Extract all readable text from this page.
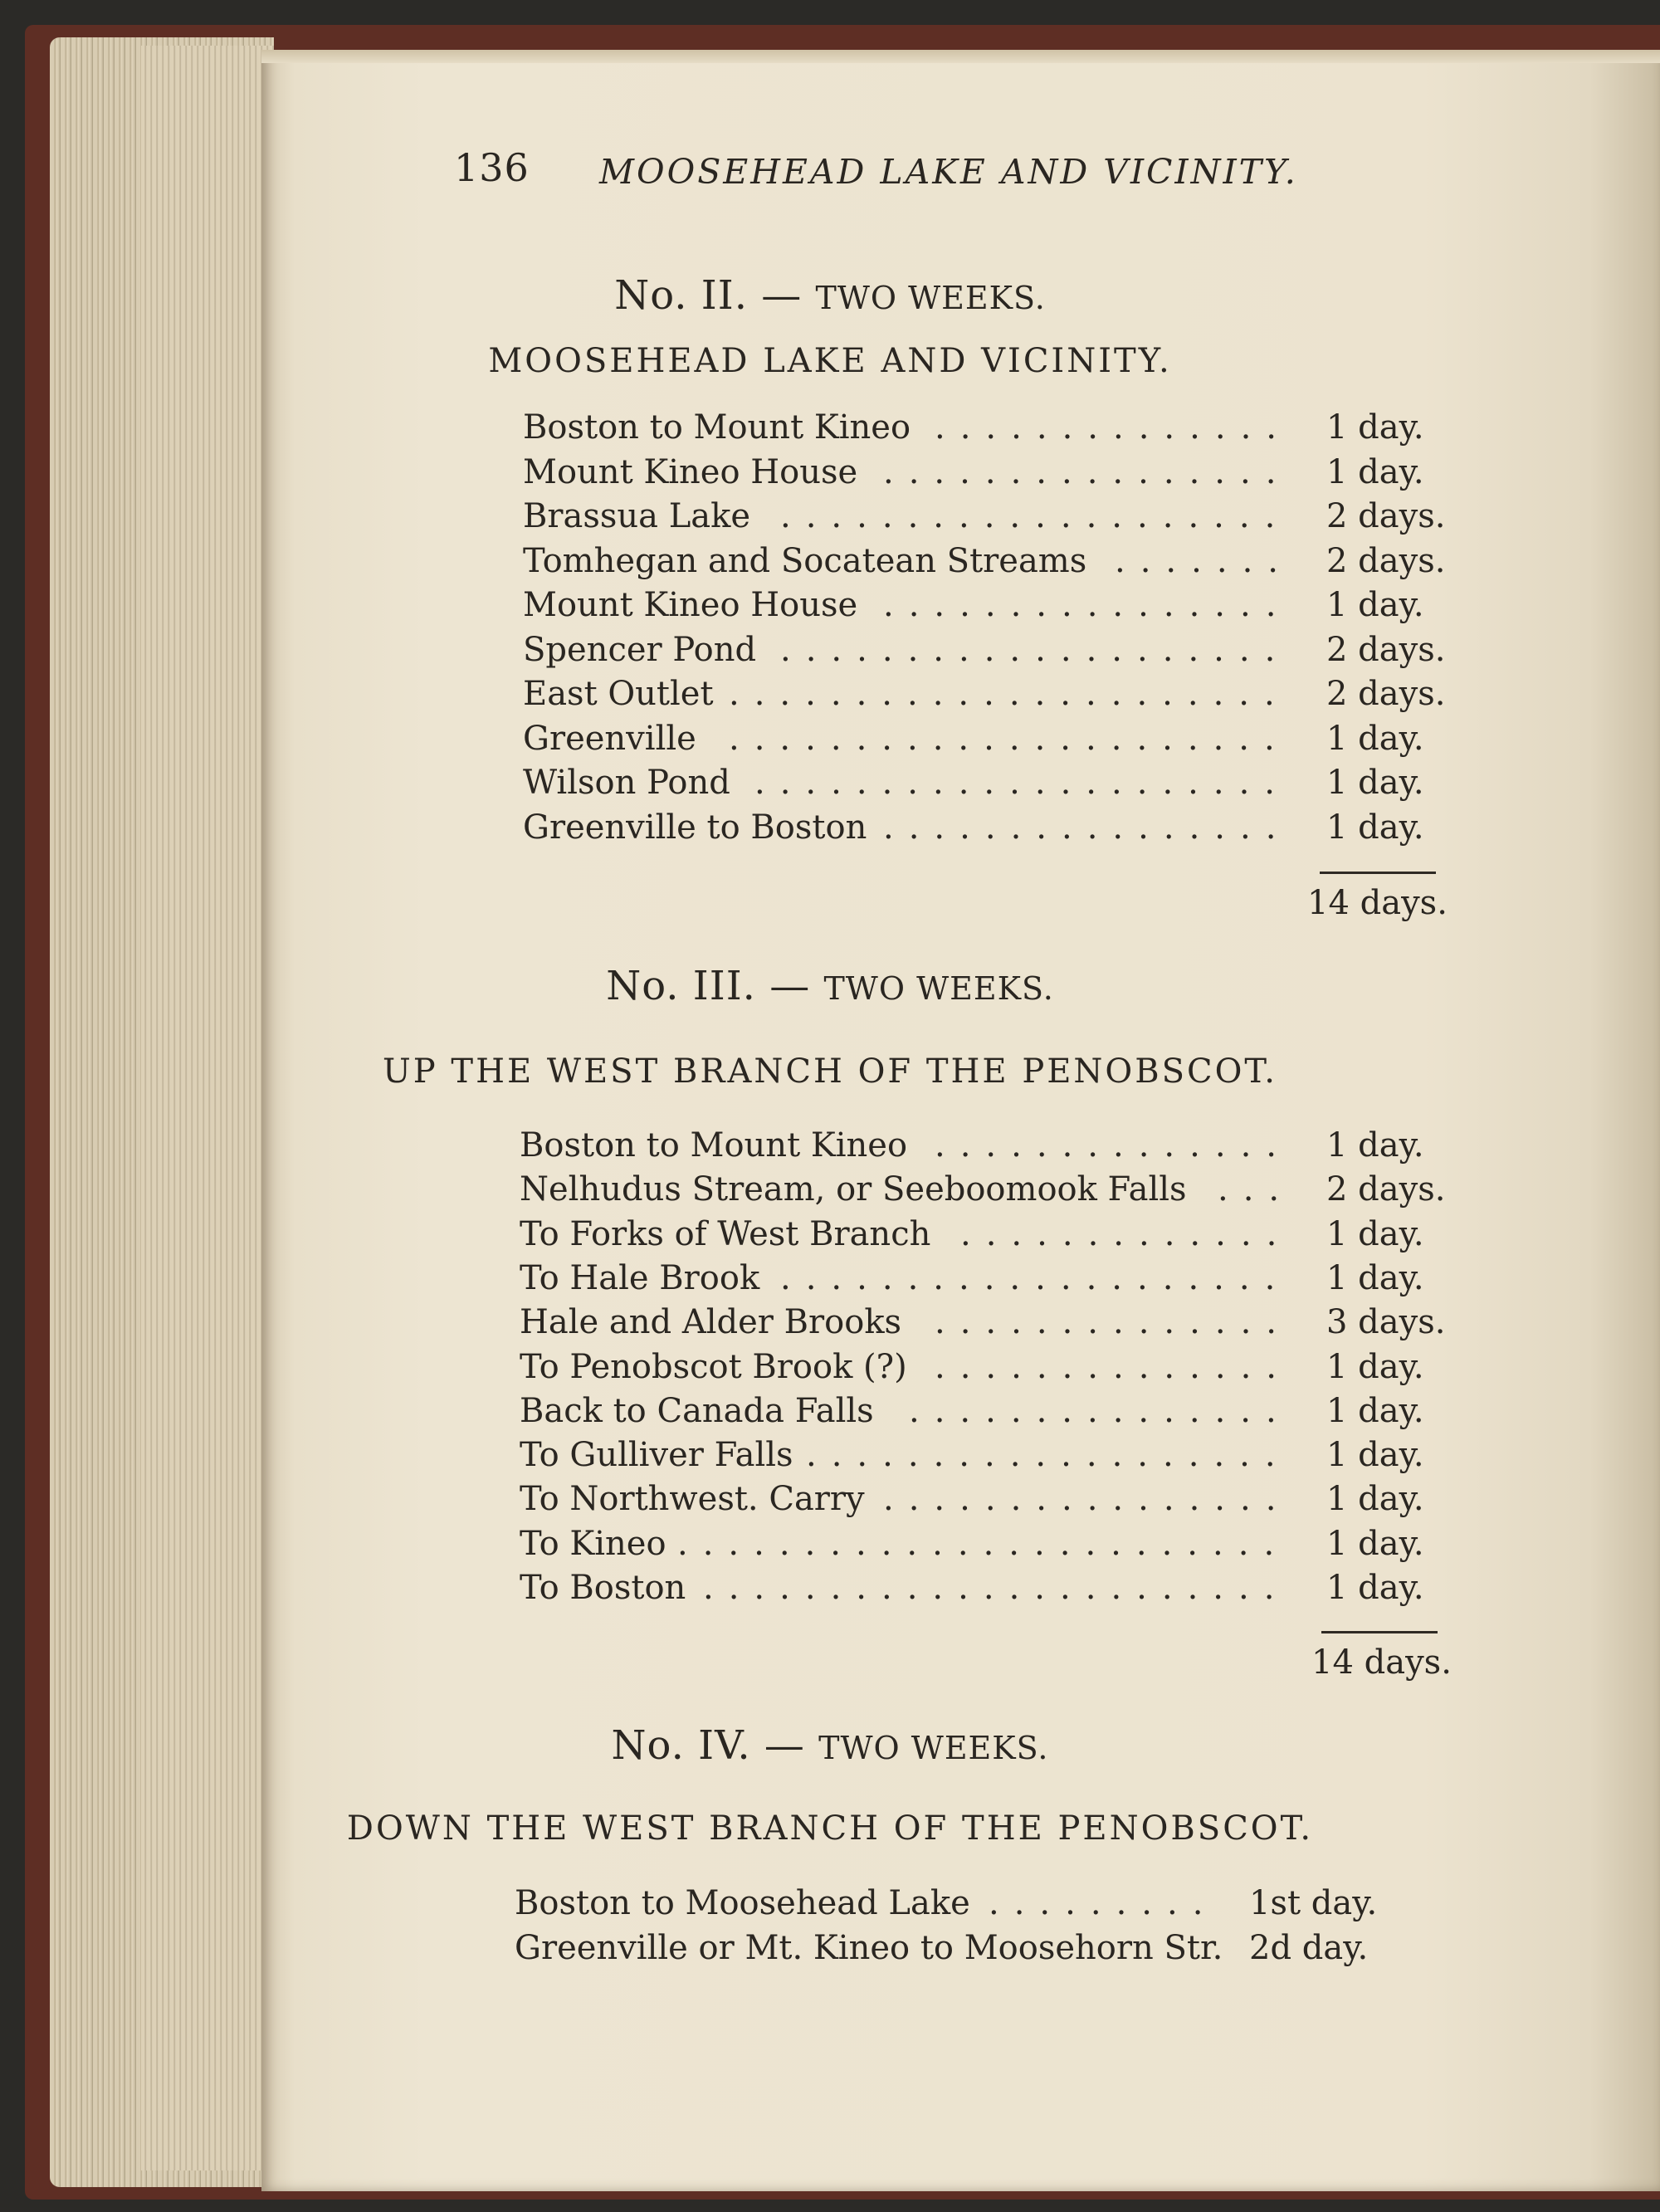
136 MOOSEHEAD LAKE AND VICINITY.
No. II. — TWO WEEKS.
MOOSEHEAD LAKE AND VICINITY.
Boston to Mount Kineo .............. 1 day.
Mount Kineo House ................ 1 day.
Brassua Lake .................... 2 days.
Tomhegan and Socatean Streams ....... 2 days.
Mount Kineo House ................ 1 day.
Spencer Pond .................... 2 days.
East Outlet ...................... 2 days.
Greenville ...................... 1 day.
Wilson Pond ..................... 1 day.
Greenville to Boston ................ 1 day.
14 days.
No. III. — TWO WEEKS.
UP THE WEST BRANCH OF THE PENOBSCOT.
Boston to Mount Kineo .............. 1 day.
Nelhudus Stream, or Seeboomook Falls ... 2 days.
To Forks of West Branch ............. 1 day.
To Hale Brook .................... 1 day.
Hale and Alder Brooks .............. 3 days.
To Penobscot Brook (?) .............. 1 day.
Back to Canada Falls ............... 1 day.
To Gulliver Falls ................... 1 day.
To Northwest. Carry ................ 1 day.
To Kineo ........................ 1 day.
To Boston ....................... 1 day.
14 days.
No. IV. — TWO WEEKS.
DOWN THE WEST BRANCH OF THE PENOBSCOT.
Boston to Moosehead Lake ......... 1st day.
Greenville or Mt. Kineo to Moosehorn Str. 2d day.
